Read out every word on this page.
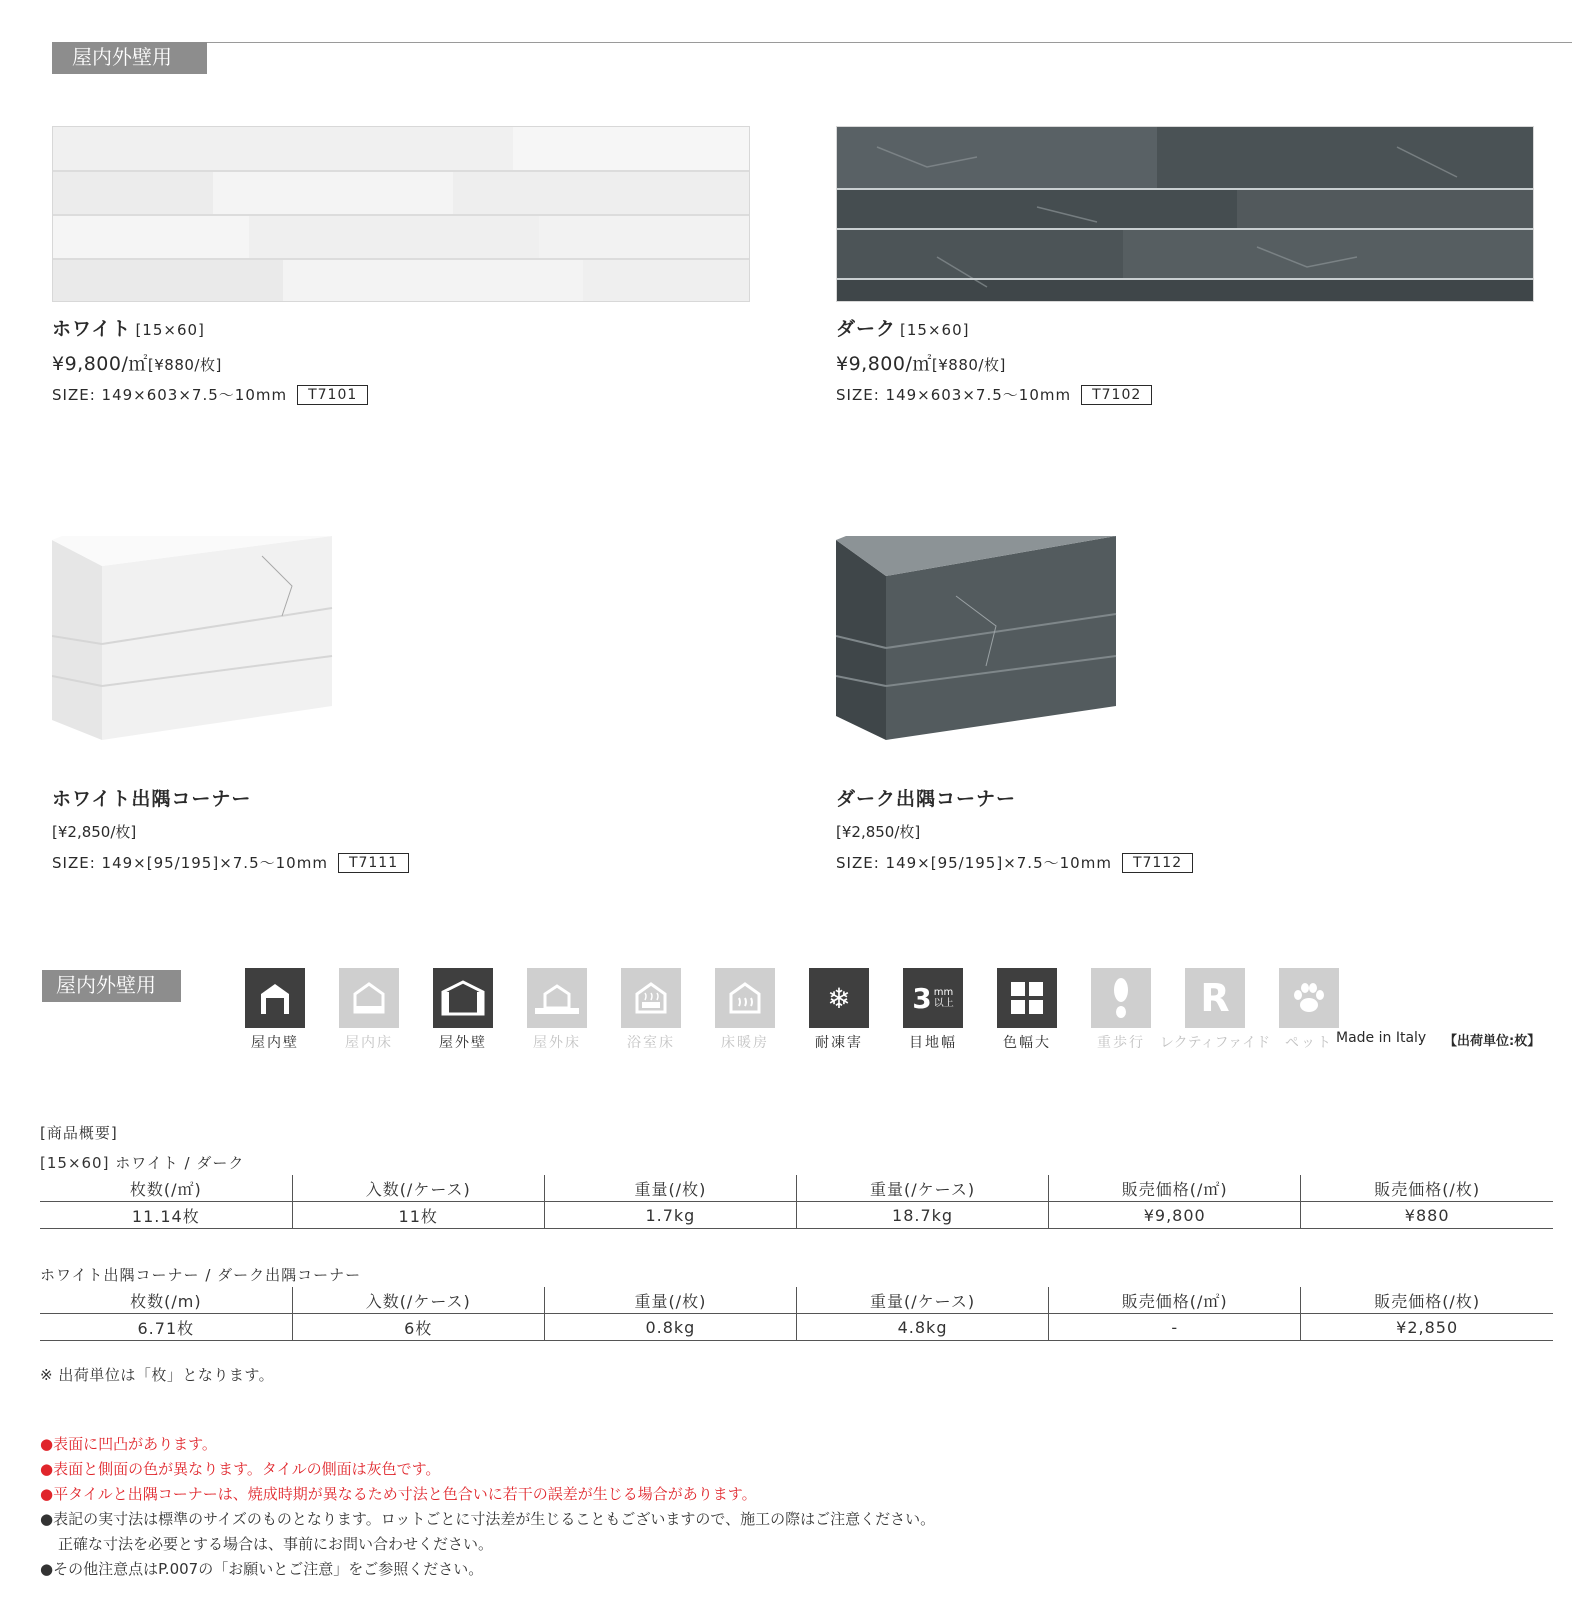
屋内外壁用
ホワイト [15×60]
¥9,800/㎡[¥880/枚]
SIZE: 149×603×7.5〜10mm	T7101
ダーク [15×60]
¥9,800/㎡[¥880/枚]
SIZE: 149×603×7.5〜10mm	T7102
ホワイト出隅コーナー
[¥2,850/枚]
SIZE: 149×[95/195]×7.5〜10mm	T7111
ダーク出隅コーナー
[¥2,850/枚]
SIZE: 149×[95/195]×7.5〜10mm	T7112
屋内外壁用
屋内壁	屋内床	屋外壁	屋外床	浴室床	床暖房
❄
耐凍害
3 mm
以上
目地幅	色幅大	重歩行
R
レクティファイド ペット Made in Italy 【出荷単位:枚】
[商品概要]
[15×60] ホワイト / ダーク
枚数(/㎡)	入数(/ケース)	重量(/枚)	重量(/ケース)	販売価格(/㎡)	販売価格(/枚)
11.14枚	11枚	1.7kg	18.7kg	¥9,800	¥880
ホワイト出隅コーナー / ダーク出隅コーナー
枚数(/m)	入数(/ケース)	重量(/枚)	重量(/ケース)	販売価格(/㎡)	販売価格(/枚)
6.71枚	6枚	0.8kg	4.8kg	-	¥2,850
※ 出荷単位は「枚」となります。
●表面に凹凸があります。
●表面と側面の色が異なります。タイルの側面は灰色です。
●平タイルと出隅コーナーは、焼成時期が異なるため寸法と色合いに若干の誤差が生じる場合があります。
●表記の実寸法は標準のサイズのものとなります。ロットごとに寸法差が生じることもございますので、施工の際はご注意ください。
正確な寸法を必要とする場合は、事前にお問い合わせください。
●その他注意点はP.007の「お願いとご注意」をご参照ください。
